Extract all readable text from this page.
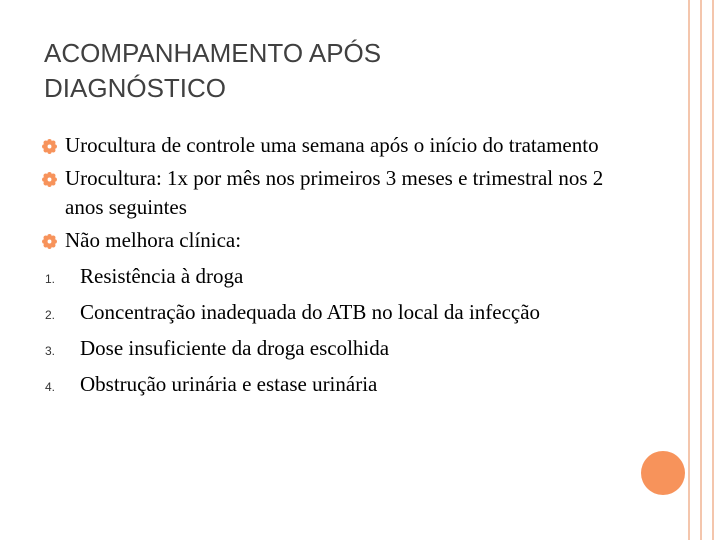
ACOMPANHAMENTO APÓS
DIAGNÓSTICO
Urocultura de controle uma semana após o início do tratamento
Urocultura: 1x por mês nos primeiros 3 meses e trimestral nos 2 anos seguintes
Não melhora clínica:
1. Resistência à droga
2. Concentração inadequada do ATB no local da infecção
3. Dose insuficiente da droga escolhida
4. Obstrução urinária e estase urinária
